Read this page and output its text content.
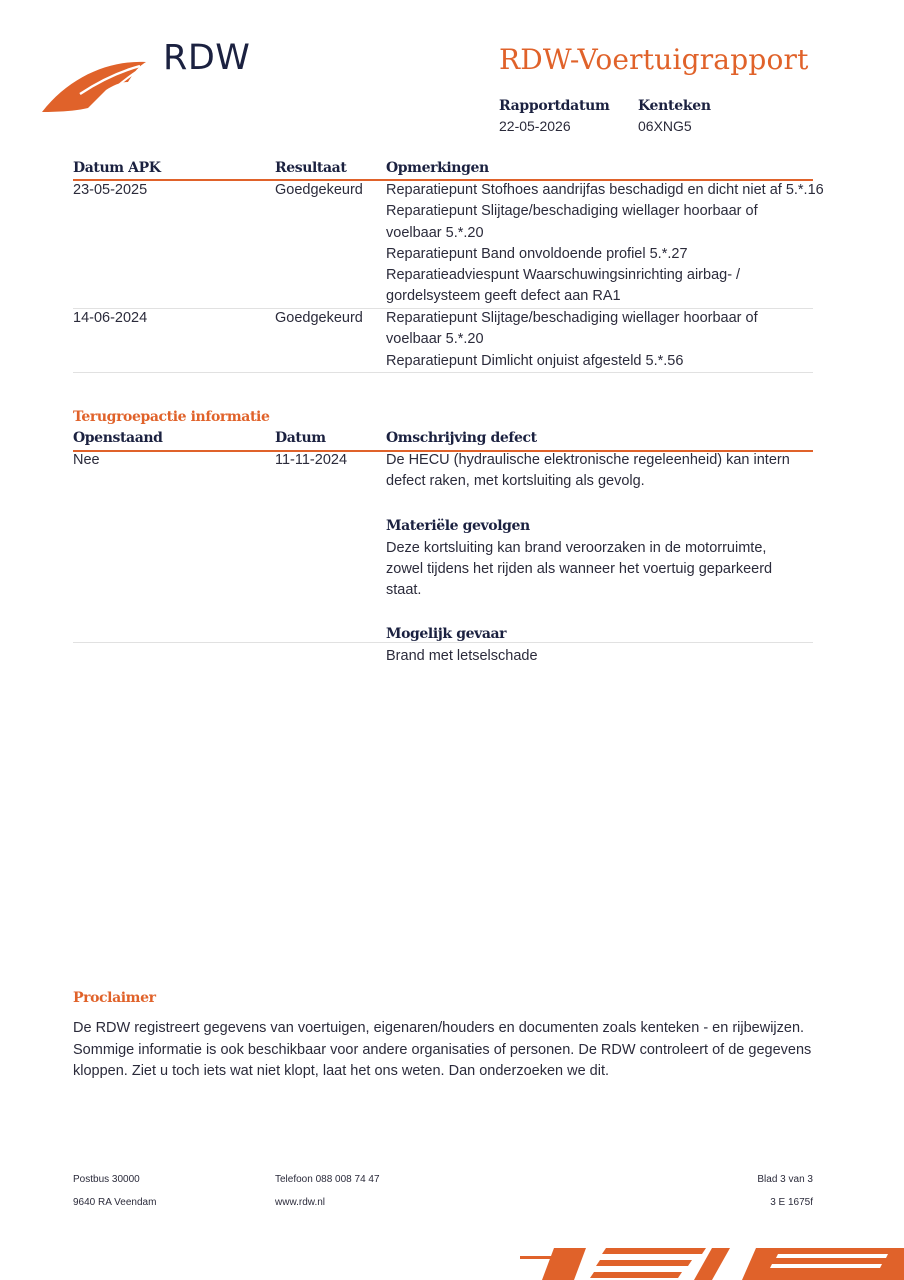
RDW	RDW-Voertuigrapport
Rapportdatum
22-05-2026
Kenteken
06XNG5
Datum APK	Resultaat	Opmerkingen
23-05-2025	Goedgekeurd Reparatiepunt Stofhoes aandrijfas beschadigd en dicht niet af 5.*.16
Reparatiepunt Slijtage/beschadiging wiellager hoorbaar of voelbaar 5.*.20
Reparatiepunt Band onvoldoende profiel 5.*.27
Reparatieadviespunt Waarschuwingsinrichting airbag- / gordelsysteem geeft defect aan RA1
14-06-2024	Goedgekeurd Reparatiepunt Slijtage/beschadiging wiellager hoorbaar of voelbaar 5.*.20
Reparatiepunt Dimlicht onjuist afgesteld 5.*.56
Terugroepactie informatie
Openstaand	Datum	Omschrijving defect
Nee	11-11-2024	De HECU (hydraulische elektronische regeleenheid) kan intern defect raken, met kortsluiting als gevolg.
Materiële gevolgen
Deze kortsluiting kan brand veroorzaken in de motorruimte, zowel tijdens het rijden als wanneer het voertuig geparkeerd staat.
Mogelijk gevaar
Brand met letselschade
Proclaimer
De RDW registreert gegevens van voertuigen, eigenaren/houders en documenten zoals kenteken - en rijbewijzen. Sommige informatie is ook beschikbaar voor andere organisaties of personen. De RDW controleert of de gegevens kloppen. Ziet u toch iets wat niet klopt, laat het ons weten. Dan onderzoeken we dit.
Postbus 30000
9640 RA Veendam
Telefoon 088 008 74 47
www.rdw.nl
Blad 3 van 3
3 E 1675f
